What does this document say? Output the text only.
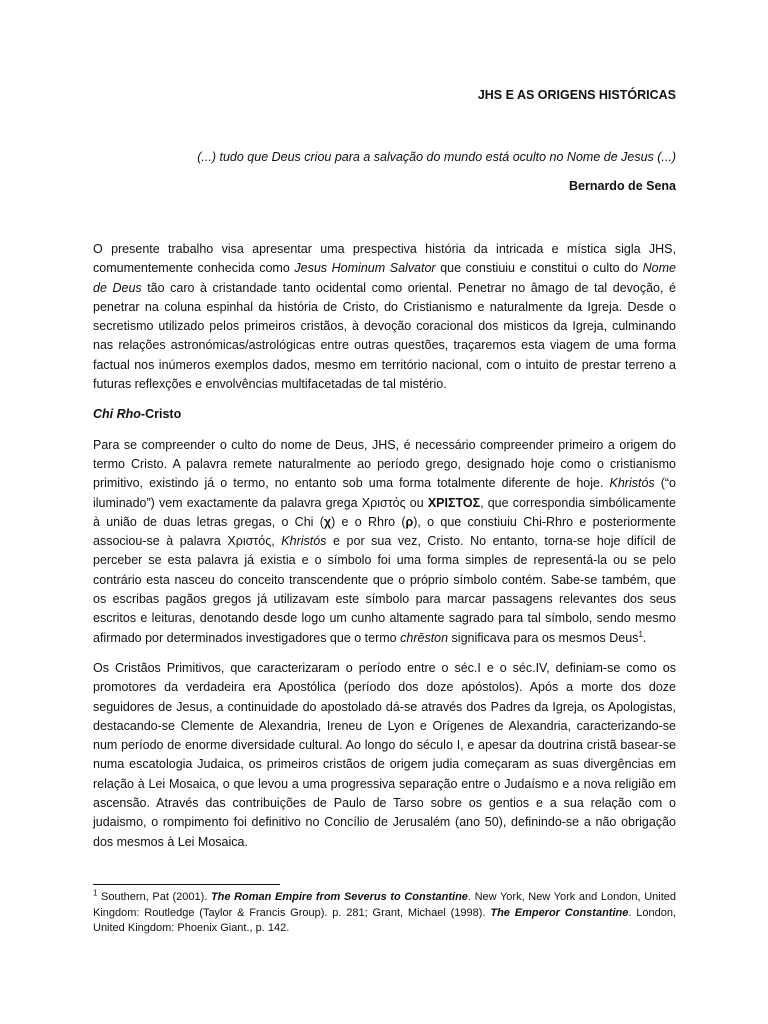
JHS E AS ORIGENS HISTÓRICAS
(...) tudo que Deus criou para a salvação do mundo está oculto no Nome de Jesus (...)
Bernardo de Sena

O presente trabalho visa apresentar uma prespectiva história da intricada e mística sigla JHS, comumentemente conhecida como Jesus Hominum Salvator que constiuiu e constitui o culto do Nome de Deus tão caro à cristandade tanto ocidental como oriental. Penetrar no âmago de tal devoção, é penetrar na coluna espinhal da história de Cristo, do Cristianismo e naturalmente da Igreja. Desde o secretismo utilizado pelos primeiros cristãos, à devoção coracional dos misticos da Igreja, culminando nas relações astronómicas/astrológicas entre outras questões, traçaremos esta viagem de uma forma factual nos inúmeros exemplos dados, mesmo em território nacional, com o intuito de prestar terreno a futuras reflexções e envolvências multifacetadas de tal mistério.

Chi Rho-Cristo

Para se compreender o culto do nome de Deus, JHS, é necessário compreender primeiro a origem do termo Cristo. A palavra remete naturalmente ao período grego, designado hoje como o cristianismo primitivo, existindo já o termo, no entanto sob uma forma totalmente diferente de hoje. Khristós (“o iluminado”) vem exactamente da palavra grega Χριστός ou ΧΡΙΣΤΟΣ, que correspondia simbólicamente à união de duas letras gregas, o Chi (χ) e o Rhro (ρ), o que constiuiu Chi-Rhro e posteriormente associou-se à palavra Χριστός, Khristós e por sua vez, Cristo. No entanto, torna-se hoje difícil de perceber se esta palavra já existia e o símbolo foi uma forma simples de representá-la ou se pelo contrário esta nasceu do conceito transcendente que o próprio símbolo contém. Sabe-se também, que os escribas pagãos gregos já utilizavam este símbolo para marcar passagens relevantes dos seus escritos e leituras, denotando desde logo um cunho altamente sagrado para tal símbolo, sendo mesmo afirmado por determinados investigadores que o termo chrēston significava para os mesmos Deus$^1$.

Os Cristãos Primitivos, que caracterizaram o período entre o séc.I e o séc.IV, definiam-se como os promotores da verdadeira era Apostólica (período dos doze apóstolos). Após a morte dos doze seguidores de Jesus, a continuidade do apostolado dá-se através dos Padres da Igreja, os Apologistas, destacando-se Clemente de Alexandria, Ireneu de Lyon e Orígenes de Alexandria, caracterizando-se num período de enorme diversidade cultural. Ao longo do século I, e apesar da doutrina cristã basear-se numa escatologia Judaica, os primeiros cristãos de origem judia começaram as suas divergências em relação à Lei Mosaica, o que levou a uma progressiva separação entre o Judaísmo e a nova religião em ascensão. Através das contribuições de Paulo de Tarso sobre os gentios e a sua relação com o judaismo, o rompimento foi definitivo no Concílio de Jerusalém (ano 50), definindo-se a não obrigação dos mesmos à Lei Mosaica.

$^1$ Southern, Pat (2001). The Roman Empire from Severus to Constantine. New York, New York and London, United Kingdom: Routledge (Taylor & Francis Group). p. 281; Grant, Michael (1998). The Emperor Constantine. London, United Kingdom: Phoenix Giant., p. 142.
